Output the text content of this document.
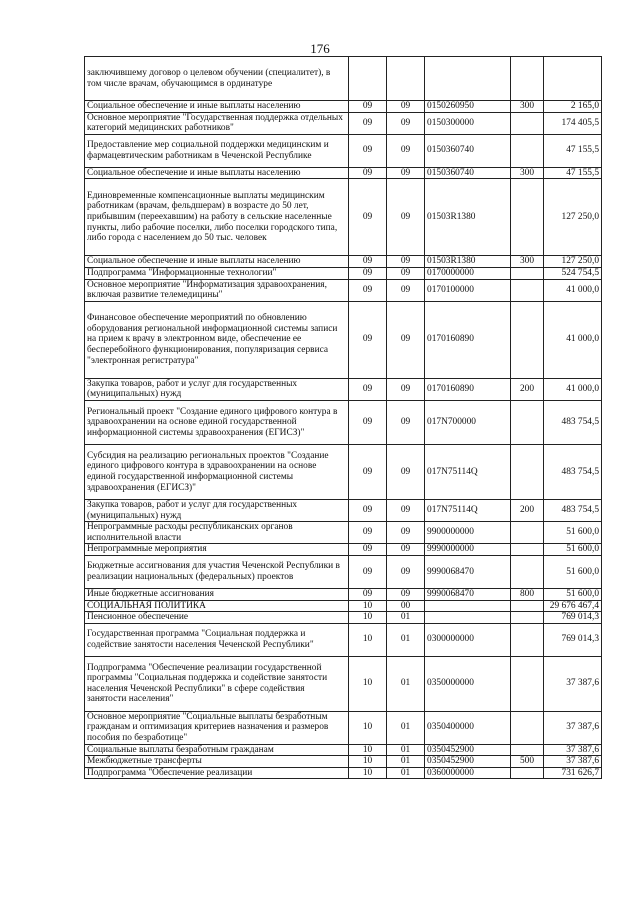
176
заключившему договор о целевом обучении (специалитет), в том числе врачам, обучающимся в ординатуре					
Социальное обеспечение и иные выплаты населению	09	09	0150260950	300	2 165,0
Основное мероприятие "Государственная поддержка отдельных категорий медицинских работников"	09	09	0150300000		174 405,5
Предоставление мер социальной поддержки медицинским и фармацевтическим работникам в Чеченской Республике	09	09	0150360740		47 155,5
Социальное обеспечение и иные выплаты населению	09	09	0150360740	300	47 155,5
Единовременные компенсационные выплаты медицинским работникам (врачам, фельдшерам) в возрасте до 50 лет, прибывшим (переехавшим) на работу в сельские населенные пункты, либо рабочие поселки, либо поселки городского типа, либо города с населением до 50 тыс. человек	09	09	01503R1380		127 250,0
Социальное обеспечение и иные выплаты населению	09	09	01503R1380	300	127 250,0
Подпрограмма "Информационные технологии"	09	09	0170000000		524 754,5
Основное мероприятие "Информатизация здравоохранения, включая развитие телемедицины"	09	09	0170100000		41 000,0
Финансовое обеспечение мероприятий по обновлению оборудования региональной информационной системы записи на прием к врачу в электронном виде, обеспечение ее бесперебойного функционирования, популяризация сервиса "электронная регистратура"	09	09	0170160890		41 000,0
Закупка товаров, работ и услуг для государственных (муниципальных) нужд	09	09	0170160890	200	41 000,0
Региональный проект "Создание единого цифрового контура в здравоохранении на основе единой государственной информационной системы здравоохранения (ЕГИСЗ)"	09	09	017N700000		483 754,5
Субсидия на реализацию региональных проектов "Создание единого цифрового контура в здравоохранении на основе единой государственной информационной системы здравоохранения (ЕГИСЗ)"	09	09	017N75114Q		483 754,5
Закупка товаров, работ и услуг для государственных (муниципальных) нужд	09	09	017N75114Q	200	483 754,5
Непрограммные расходы республиканских органов исполнительной власти	09	09	9900000000		51 600,0
Непрограммные мероприятия	09	09	9990000000		51 600,0
Бюджетные ассигнования для участия Чеченской Республики в реализации национальных (федеральных) проектов	09	09	9990068470		51 600,0
Иные бюджетные ассигнования	09	09	9990068470	800	51 600,0
СОЦИАЛЬНАЯ ПОЛИТИКА	10	00			29 676 467,4
Пенсионное обеспечение	10	01			769 014,3
Государственная программа "Социальная поддержка и содействие занятости населения Чеченской Республики"	10	01	0300000000		769 014,3
Подпрограмма "Обеспечение реализации государственной программы "Социальная поддержка и содействие занятости населения Чеченской Республики" в сфере содействия занятости населения"	10	01	0350000000		37 387,6
Основное мероприятие "Социальные выплаты безработным гражданам и оптимизация критериев назначения и размеров пособия по безработице"	10	01	0350400000		37 387,6
Социальные выплаты безработным гражданам	10	01	0350452900		37 387,6
Межбюджетные трансферты	10	01	0350452900	500	37 387,6
Подпрограмма "Обеспечение реализации	10	01	0360000000		731 626,7
